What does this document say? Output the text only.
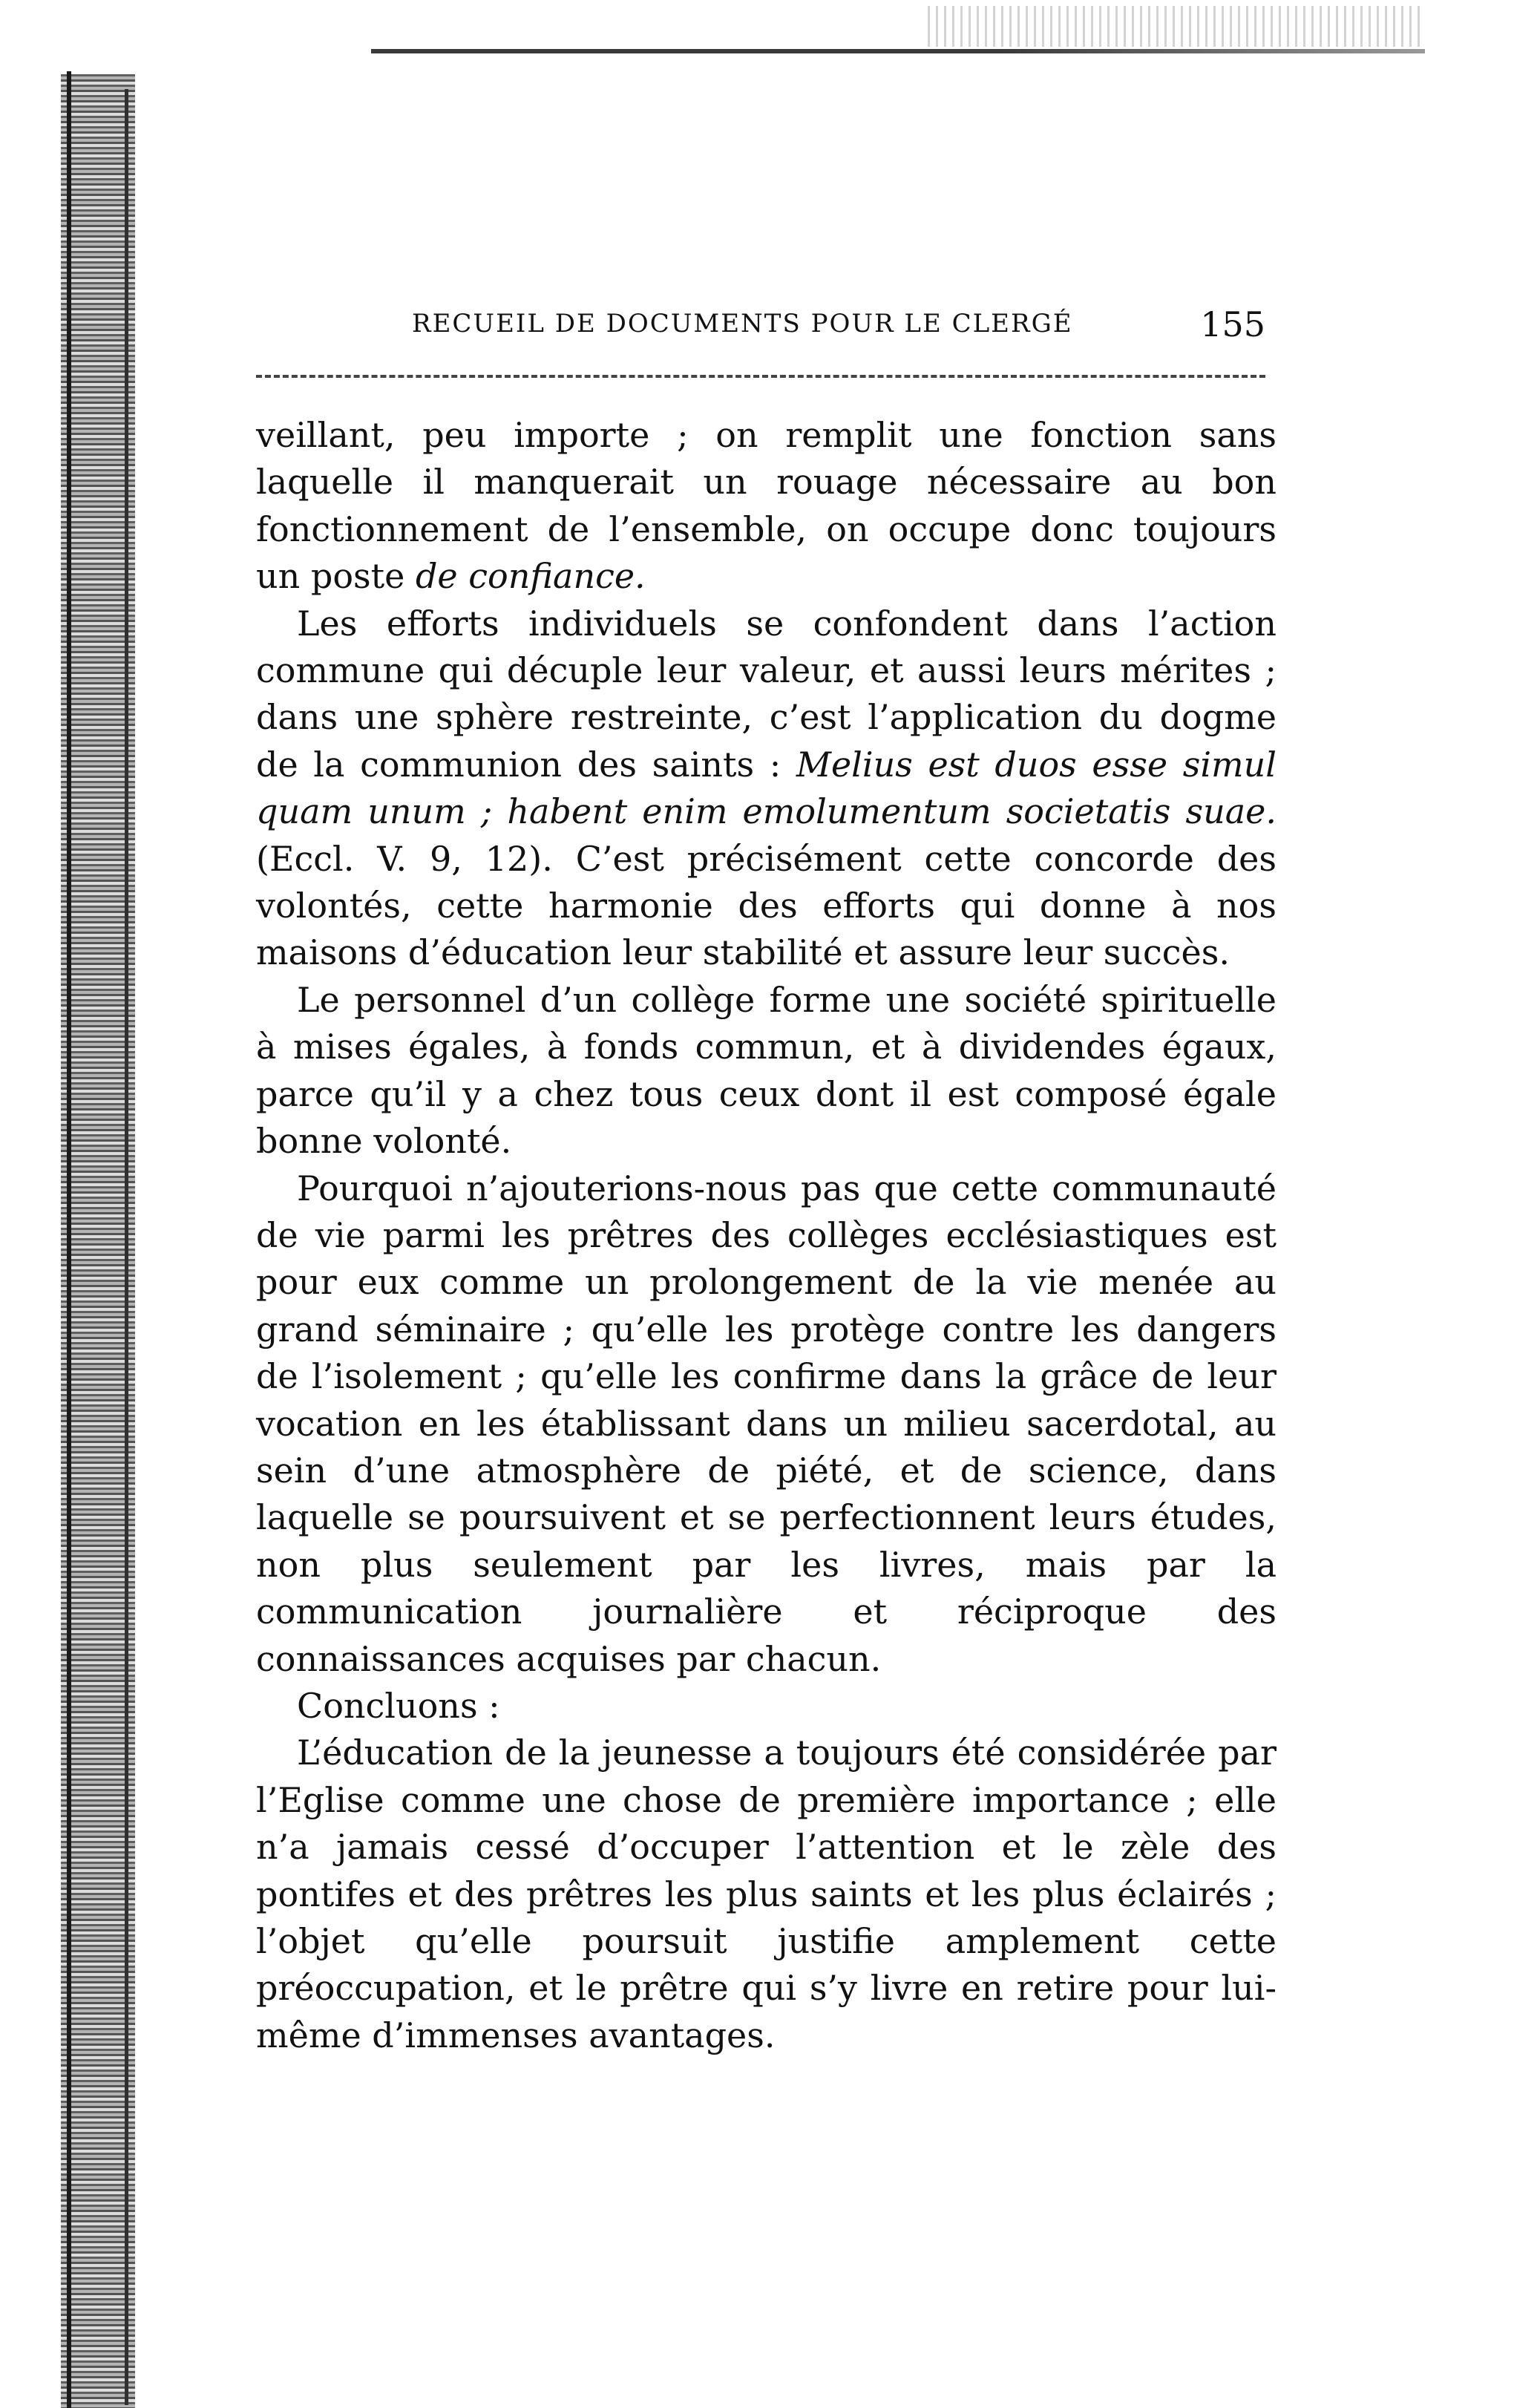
RECUEIL DE DOCUMENTS POUR LE CLERGÉ	155

veillant, peu importe ; on remplit une fonction sans laquelle il manquerait un rouage nécessaire au bon fonctionnement de l’ensemble, on occupe donc toujours un poste de confiance.

Les efforts individuels se confondent dans l’action commune qui décuple leur valeur, et aussi leurs mérites ; dans une sphère restreinte, c’est l’application du dogme de la communion des saints : Melius est duos esse simul quam unum ; habent enim emolumentum societatis suae.(Eccl. V. 9, 12). C’est précisément cette concorde des volontés, cette harmonie des efforts qui donne à nos maisons d’éducation leur stabilité et assure leur succès.

Le personnel d’un collège forme une société spirituelle à mises égales, à fonds commun, et à dividendes égaux, parce qu’il y a chez tous ceux dont il est composé égale bonne volonté.

Pourquoi n’ajouterions-nous pas que cette communauté de vie parmi les prêtres des collèges ecclésiastiques est pour eux comme un prolongement de la vie menée au grand séminaire ; qu’elle les protège contre les dangers de l’isolement ; qu’elle les confirme dans la grâce de leur vocation en les établissant dans un milieu sacerdotal, au sein d’une atmosphère de piété, et de science, dans laquelle se poursuivent et se perfectionnent leurs études, non plus seulement par les livres, mais par la communication journalière et réciproque des connaissances acquises par chacun.

Concluons :

L’éducation de la jeunesse a toujours été considérée par l’Eglise comme une chose de première importance ; elle n’a jamais cessé d’occuper l’attention et le zèle des pontifes et des prêtres les plus saints et les plus éclairés ; l’objet qu’elle poursuit justifie amplement cette préoccupation, et le prêtre qui s’y livre en retire pour lui-même d’immenses avantages.
